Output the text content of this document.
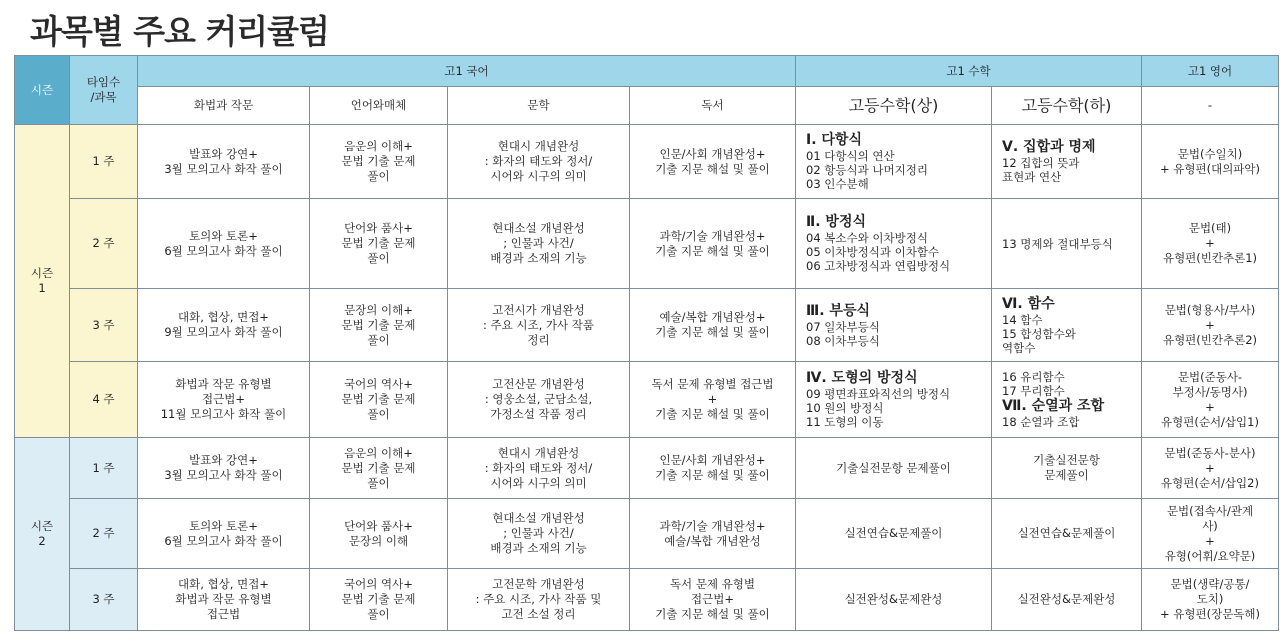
과목별 주요 커리큘럼
시즌	타임수
/과목	고1 국어				고1 수학		고1 영어
		화법과 작문	언어와매체	문학	독서	고등수학(상)	고등수학(하)	-

시즌
1	1 주	발표와 강연+
3월 모의고사 화작 풀이	음운의 이해+
문법 기출 문제
풀이	현대시 개념완성
: 화자의 태도와 정서/
시어와 시구의 의미	인문/사회 개념완성+
기출 지문 해설 및 풀이	Ⅰ. 다항식
01 다항식의 연산
02 항등식과 나머지정리
03 인수분해	Ⅴ. 집합과 명제
12 집합의 뜻과
표현과 연산	문법(수일치)
+ 유형편(대의파악)

	2 주	토의와 토론+
6월 모의고사 화작 풀이	단어와 품사+
문법 기출 문제
풀이	현대소설 개념완성
; 인물과 사건/
배경과 소재의 기능	과학/기술 개념완성+
기출 지문 해설 및 풀이	Ⅱ. 방정식
04 복소수와 이차방정식
05 이차방정식과 이차함수
06 고차방정식과 연립방정식	13 명제와 절대부등식	문법(태)
+
유형편(빈칸추론1)

	3 주	대화, 협상, 면접+
9월 모의고사 화작 풀이	문장의 이해+
문법 기출 문제
풀이	고전시가 개념완성
: 주요 시조, 가사 작품
정리	예술/복합 개념완성+
기출 지문 해설 및 풀이	Ⅲ. 부등식
07 일차부등식
08 이차부등식	Ⅵ. 함수
14 함수
15 합성함수와
역함수	문법(형용사/부사)
+
유형편(빈칸추론2)

	4 주	화법과 작문 유형별
접근법+
11월 모의고사 화작 풀이	국어의 역사+
문법 기출 문제
풀이	고전산문 개념완성
: 영웅소설, 군담소설,
가정소설 작품 정리	독서 문제 유형별 접근법
+
기출 지문 해설 및 풀이	Ⅳ. 도형의 방정식
09 평면좌표와직선의 방정식
10 원의 방정식
11 도형의 이동	16 유리함수
17 무리함수
Ⅶ. 순열과 조합
18 순열과 조합	문법(준동사-
부정사/동명사)
+
유형편(순서/삽입1)

시즌
2	1 주	발표와 강연+
3월 모의고사 화작 풀이	음운의 이해+
문법 기출 문제
풀이	현대시 개념완성
: 화자의 태도와 정서/
시어와 시구의 의미	인문/사회 개념완성+
기출 지문 해설 및 풀이	기출실전문항 문제풀이	기출실전문항
문제풀이	문법(준동사-분사)
+
유형편(순서/삽입2)

	2 주	토의와 토론+
6월 모의고사 화작 풀이	단어와 품사+
문장의 이해	현대소설 개념완성
; 인물과 사건/
배경과 소재의 기능	과학/기술 개념완성+
예술/복합 개념완성	실전연습&문제풀이	실전연습&문제풀이	문법(접속사/관계
사)
+
유형(어휘/요약문)

	3 주	대화, 협상, 면접+
화법과 작문 유형별
접근법	국어의 역사+
문법 기출 문제
풀이	고전문학 개념완성
: 주요 시조, 가사 작품 및
고전 소설 정리	독서 문제 유형별
접근법+
기출 지문 해설 및 풀이	실전완성&문제완성	실전완성&문제완성	문법(생략/공통/
도치)
+ 유형편(장문독해)
